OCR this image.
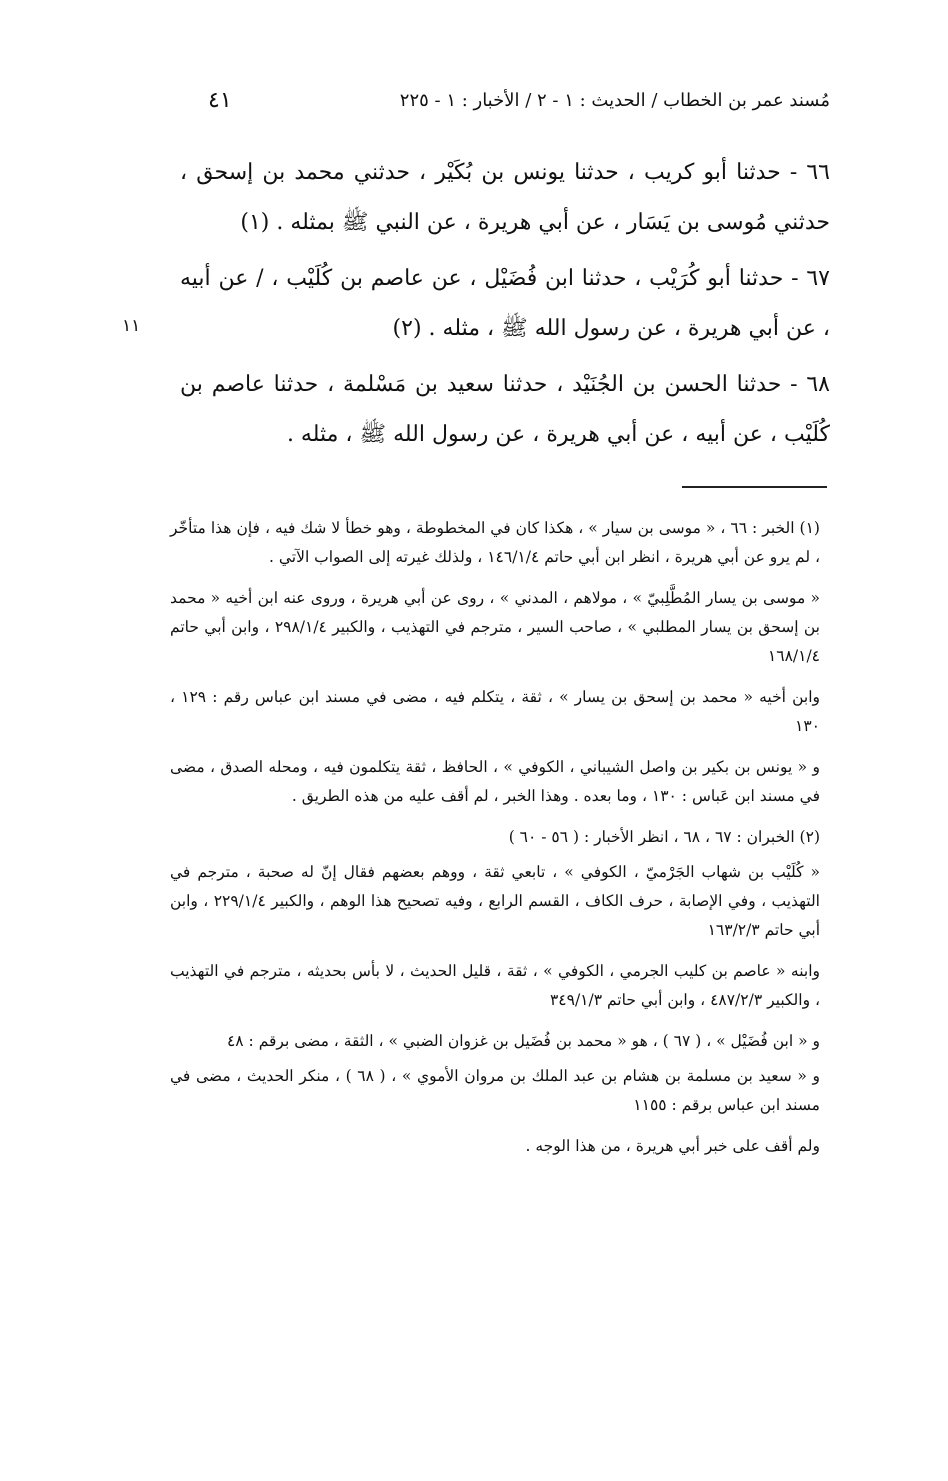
مُسند عمر بن الخطاب / الحديث : ١ - ٢ / الأخبار : ١ - ٢٢٥
٤١
١١

٦٦ - حدثنا أبو كريب ، حدثنا يونس بن بُكَيْر ، حدثني محمد بن إسحق ، حدثني مُوسى بن يَسَار ، عن أبي هريرة ، عن النبي ﷺ بمثله . (١)

٦٧ - حدثنا أبو كُرَيْب ، حدثنا ابن فُضَيْل ، عن عاصم بن كُلَيْب ، / عن أبيه ، عن أبي هريرة ، عن رسول الله ﷺ ، مثله . (٢)

٦٨ - حدثنا الحسن بن الجُنَيْد ، حدثنا سعيد بن مَسْلمة ، حدثنا عاصم بن كُلَيْب ، عن أبيه ، عن أبي هريرة ، عن رسول الله ﷺ ، مثله .

(١) الخبر : ٦٦ ، « موسى بن سيار » ، هكذا كان في المخطوطة ، وهو خطأ لا شك فيه ، فإن هذا متأخّر ، لم يرو عن أبي هريرة ، انظر ابن أبي حاتم ١٤٦/١/٤ ، ولذلك غيرته إلى الصواب الآتي .

« موسى بن يسار المُطَّلِبيّ » ، مولاهم ، المدني » ، روى عن أبي هريرة ، وروى عنه ابن أخيه « محمد بن إسحق بن يسار المطلبي » ، صاحب السير ، مترجم في التهذيب ، والكبير ٢٩٨/١/٤ ، وابن أبي حاتم ١٦٨/١/٤

وابن أخيه « محمد بن إسحق بن يسار » ، ثقة ، يتكلم فيه ، مضى في مسند ابن عباس رقم : ١٢٩ ، ١٣٠

و « يونس بن بكير بن واصل الشيباني ، الكوفي » ، الحافظ ، ثقة يتكلمون فيه ، ومحله الصدق ، مضى في مسند ابن عَباس : ١٣٠ ، وما بعده . وهذا الخبر ، لم أقف عليه من هذه الطريق .

(٢) الخبران : ٦٧ ، ٦٨ ، انظر الأخبار : ( ٥٦ - ٦٠ )

« كُلَيْب بن شهاب الجَرْميّ ، الكوفي » ، تابعي ثقة ، ووهم بعضهم فقال إنّ له صحبة ، مترجم في التهذيب ، وفي الإصابة ، حرف الكاف ، القسم الرابع ، وفيه تصحيح هذا الوهم ، والكبير ٢٢٩/١/٤ ، وابن أبي حاتم ١٦٣/٢/٣

وابنه « عاصم بن كليب الجرمي ، الكوفي » ، ثقة ، قليل الحديث ، لا بأس بحديثه ، مترجم في التهذيب ، والكبير ٤٨٧/٢/٣ ، وابن أبي حاتم ٣٤٩/١/٣

و « ابن فُضَيْل » ، ( ٦٧ ) ، هو « محمد بن فُضَيل بن غزوان الضبي » ، الثقة ، مضى برقم : ٤٨

و « سعيد بن مسلمة بن هشام بن عبد الملك بن مروان الأموي » ، ( ٦٨ ) ، منكر الحديث ، مضى في مسند ابن عباس برقم : ١١٥٥

ولم أقف على خبر أبي هريرة ، من هذا الوجه .
